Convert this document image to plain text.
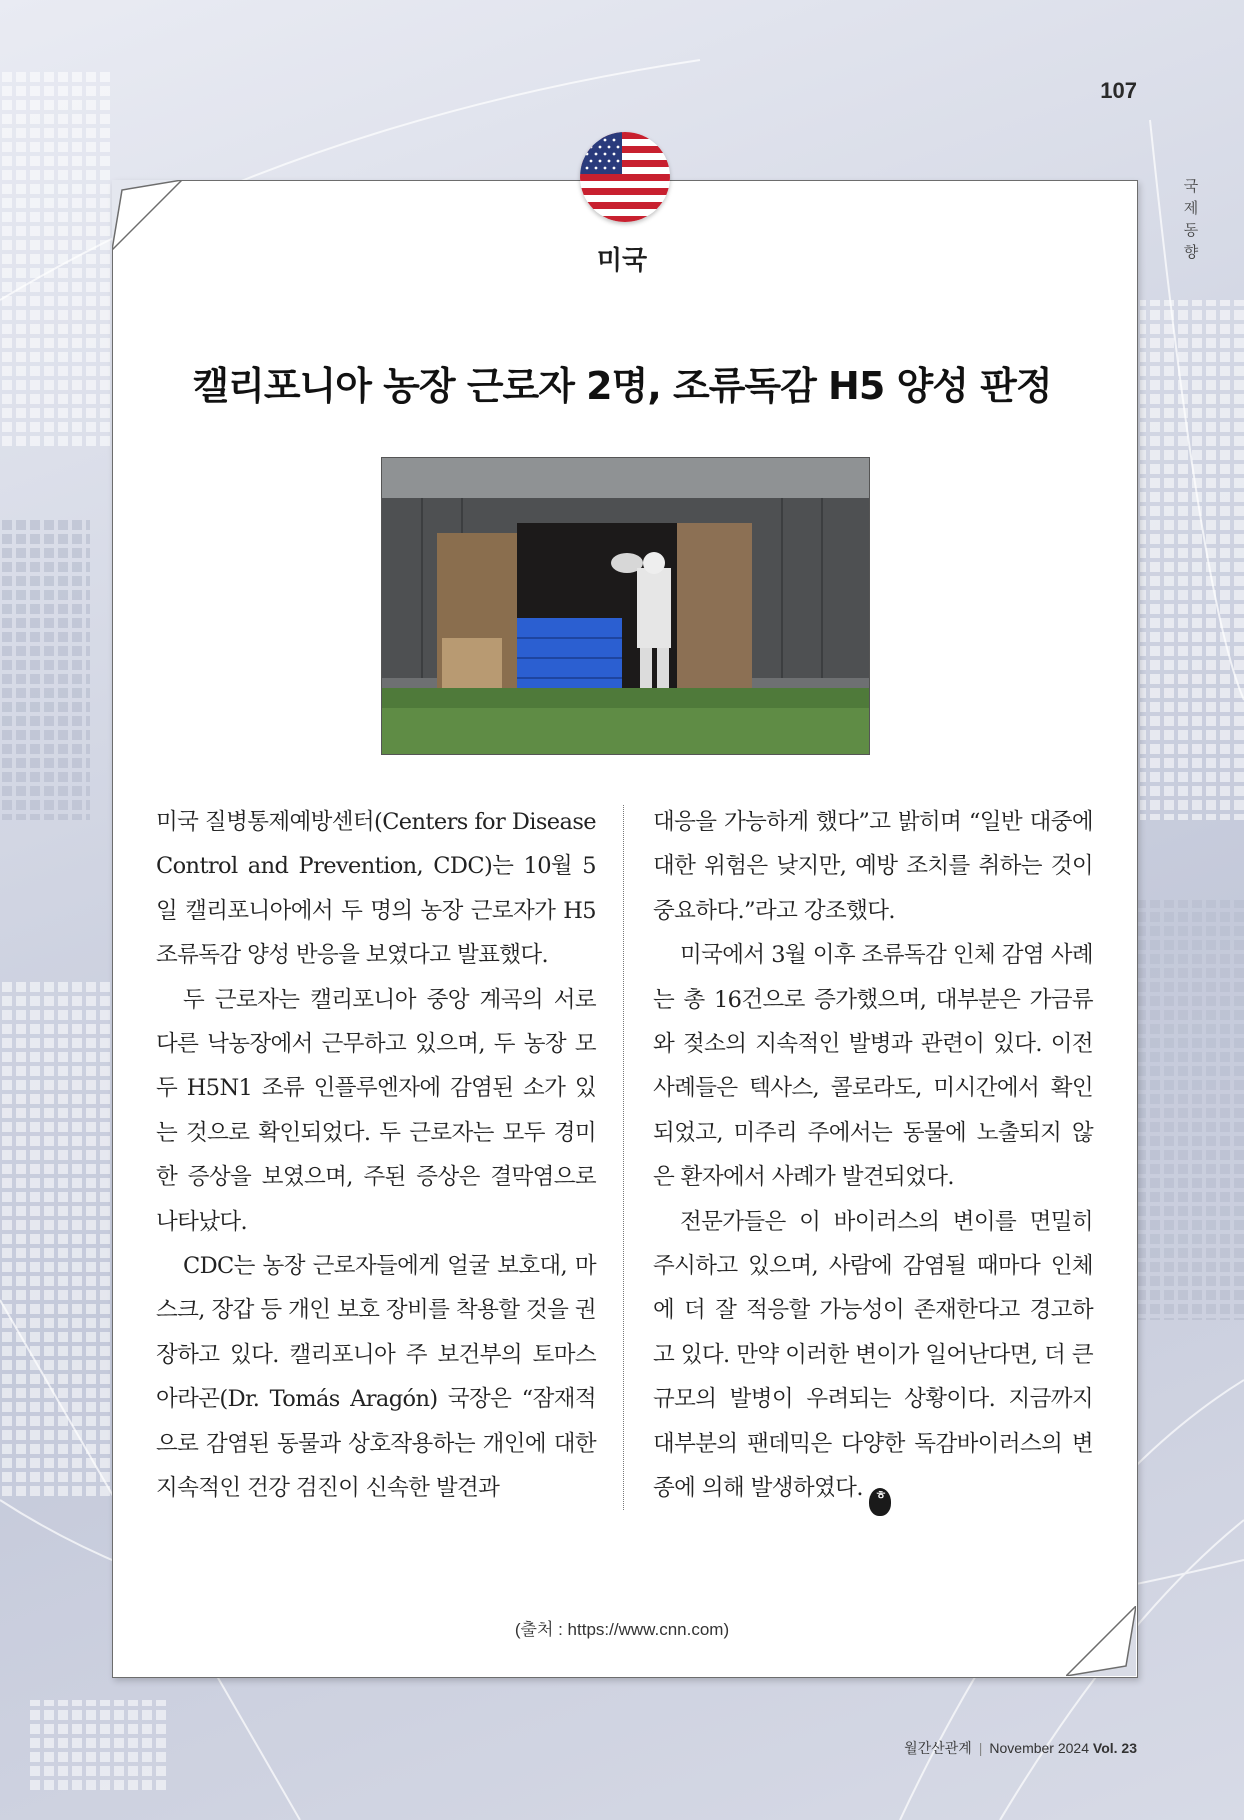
107
국제 동향
미국
캘리포니아 농장 근로자 2명, 조류독감 H5 양성 판정

미국 질병통제예방센터(Centers for Disease Control and Prevention, CDC)는 10월 5일 캘리포니아에서 두 명의 농장 근로자가 H5 조류독감 양성 반응을 보였다고 발표했다.

두 근로자는 캘리포니아 중앙 계곡의 서로 다른 낙농장에서 근무하고 있으며, 두 농장 모두 H5N1 조류 인플루엔자에 감염된 소가 있는 것으로 확인되었다. 두 근로자는 모두 경미한 증상을 보였으며, 주된 증상은 결막염으로 나타났다.

CDC는 농장 근로자들에게 얼굴 보호대, 마스크, 장갑 등 개인 보호 장비를 착용할 것을 권장하고 있다. 캘리포니아 주 보건부의 토마스 아라곤(Dr. Tomás Aragón) 국장은 “잠재적으로 감염된 동물과 상호작용하는 개인에 대한 지속적인 건강 검진이 신속한 발견과

대응을 가능하게 했다”고 밝히며 “일반 대중에 대한 위험은 낮지만, 예방 조치를 취하는 것이 중요하다.”라고 강조했다.

미국에서 3월 이후 조류독감 인체 감염 사례는 총 16건으로 증가했으며, 대부분은 가금류와 젖소의 지속적인 발병과 관련이 있다. 이전 사례들은 텍사스, 콜로라도, 미시간에서 확인되었고, 미주리 주에서는 동물에 노출되지 않은 환자에서 사례가 발견되었다.

전문가들은 이 바이러스의 변이를 면밀히 주시하고 있으며, 사람에 감염될 때마다 인체에 더 잘 적응할 가능성이 존재한다고 경고하고 있다. 만약 이러한 변이가 일어난다면, 더 큰 규모의 발병이 우려되는 상황이다. 지금까지 대부분의 팬데믹은 다양한 독감바이러스의 변종에 의해 발생하였다. ㅎ

(출처 : https://www.cnn.com)
월간산관계 | November 2024 Vol. 23
